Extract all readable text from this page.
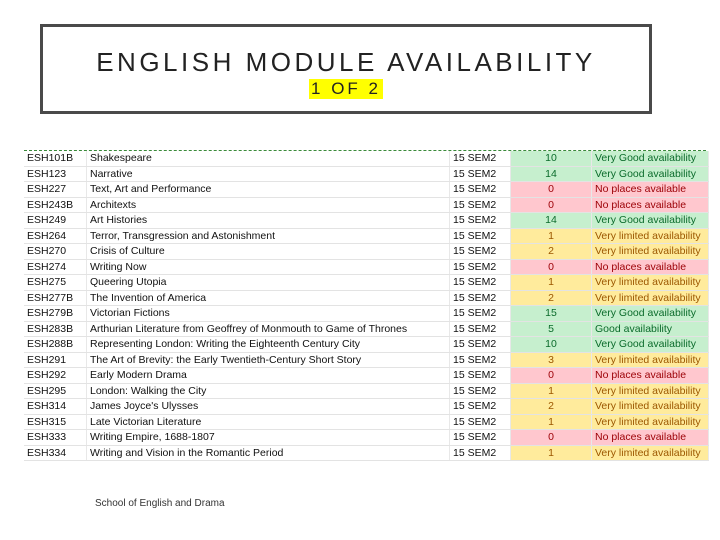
ENGLISH MODULE AVAILABILITY
1 OF 2
ESH101B	Shakespeare	15 SEM2	10	Very Good availability
ESH123	Narrative	15 SEM2	14	Very Good availability
ESH227	Text, Art and Performance	15 SEM2	0	No places available
ESH243B	Architexts	15 SEM2	0	No places available
ESH249	Art Histories	15 SEM2	14	Very Good availability
ESH264	Terror, Transgression and Astonishment	15 SEM2	1	Very limited availability
ESH270	Crisis of Culture	15 SEM2	2	Very limited availability
ESH274	Writing Now	15 SEM2	0	No places available
ESH275	Queering Utopia	15 SEM2	1	Very limited availability
ESH277B	The Invention of America	15 SEM2	2	Very limited availability
ESH279B	Victorian Fictions	15 SEM2	15	Very Good availability
ESH283B	Arthurian Literature from Geoffrey of Monmouth to Game of Thrones	15 SEM2	5	Good availability
ESH288B	Representing London: Writing the Eighteenth Century City	15 SEM2	10	Very Good availability
ESH291	The Art of Brevity: the Early Twentieth-Century Short Story	15 SEM2	3	Very limited availability
ESH292	Early Modern Drama	15 SEM2	0	No places available
ESH295	London: Walking the City	15 SEM2	1	Very limited availability
ESH314	James Joyce's Ulysses	15 SEM2	2	Very limited availability
ESH315	Late Victorian Literature	15 SEM2	1	Very limited availability
ESH333	Writing Empire, 1688-1807	15 SEM2	0	No places available
ESH334	Writing and Vision in the Romantic Period	15 SEM2	1	Very limited availability
School of English and Drama
